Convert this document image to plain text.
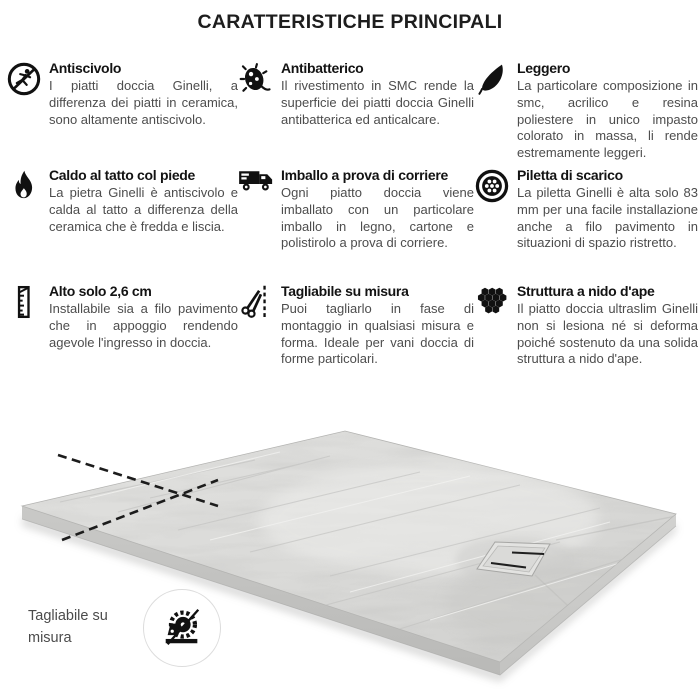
CARATTERISTICHE PRINCIPALI
Antiscivolo

I piatti doccia Ginelli, a differenza dei piatti in ceramica, sono altamente antiscivolo.

Antibatterico

Il rivestimento in SMC rende la superficie dei piatti doccia Ginelli antibatterica ed anticalcare.

Leggero

La particolare composizione in smc, acrilico e resina poliestere in unico impasto colorato in massa, li rende estremamente leggeri.

Caldo al tatto col piede

La pietra Ginelli è antiscivolo e calda al tatto a differenza della ceramica che è fredda e liscia.

Imballo a prova di corriere

Ogni piatto doccia viene imballato con un particolare imballo in legno, cartone e polistirolo a prova di corriere.

Piletta di scarico

La piletta Ginelli è alta solo 83 mm per una facile installazione anche a filo pavimento in situazioni di spazio ristretto.

Alto solo 2,6 cm

Installabile sia a filo pavimento che in appoggio rendendo agevole l'ingresso in doccia.

Tagliabile su misura

Puoi tagliarlo in fase di montaggio in qualsiasi misura e forma. Ideale per vani doccia di forme particolari.

Struttura a nido d'ape

Il piatto doccia ultraslim Ginelli non si lesiona né si deforma poiché sostenuto da una solida struttura a nido d'ape.

Tagliabile su misura
